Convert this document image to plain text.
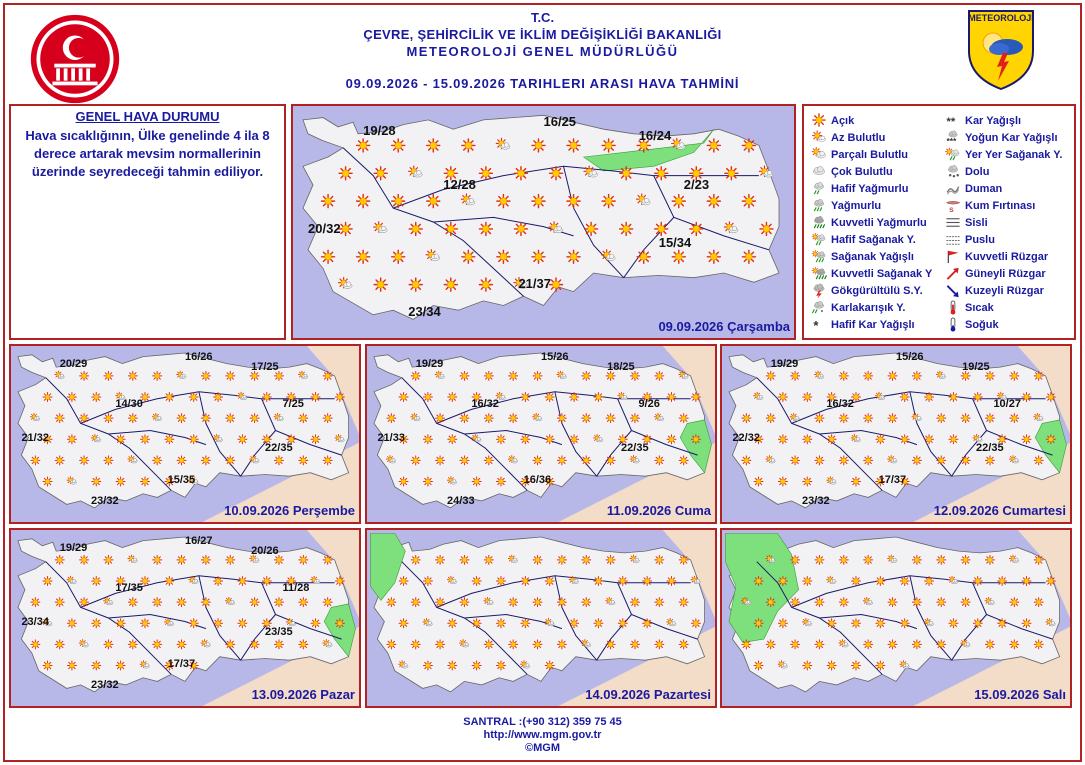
T.C.
ÇEVRE, ŞEHİRCİLİK VE İKLİM DEĞİŞİKLİĞİ BAKANLIĞI
METEOROLOJİ GENEL MÜDÜRLÜĞÜ
09.09.2026 - 15.09.2026 TARIHLERI ARASI HAVA TAHMİNİ
METEOROLOJİ
GENEL HAVA DURUMU
Hava sıcaklığının, Ülke genelinde 4 ila 8 derece artarak mevsim normallerinin üzerinde seyredeceği tahmin ediliyor.
19/28
16/25
16/24
12/28	2/23
20/32
15/34
21/37
23/34
09.09.2026 Çarşamba
Açık
Az Bulutlu
Parçalı Bulutlu
Çok Bulutlu
Hafif Yağmurlu
Yağmurlu
Kuvvetli Yağmurlu
Hafif Sağanak Y.
Sağanak Yağışlı
Kuvvetli Sağanak Y
Gökgürültülü S.Y.
* Karlakarışık Y.
* Hafif Kar Yağışlı
** Kar Yağışlı
*** Yoğun Kar Yağışlı
Yer Yer Sağanak Y.
Dolu
Duman
S Kum Fırtınası
Sisli
Puslu
Kuvvetli Rüzgar
Güneyli Rüzgar
Kuzeyli Rüzgar
Sıcak
Soğuk
20/29
16/26
17/25
14/30	7/25
21/32
22/35
15/35
23/32
10.09.2026 Perşembe
19/29
15/26
18/25
16/32	9/26
21/33
22/35
16/36
24/33
11.09.2026 Cuma
19/29
15/26
19/25
16/32	10/27
22/32
22/35
17/37
23/32
12.09.2026 Cumartesi
19/29
16/27
20/26
17/35	11/28
23/34
23/35
17/37
23/32
13.09.2026 Pazar	14.09.2026 Pazartesi	15.09.2026 Salı
SANTRAL :(+90 312) 359 75 45
http://www.mgm.gov.tr
©MGM
